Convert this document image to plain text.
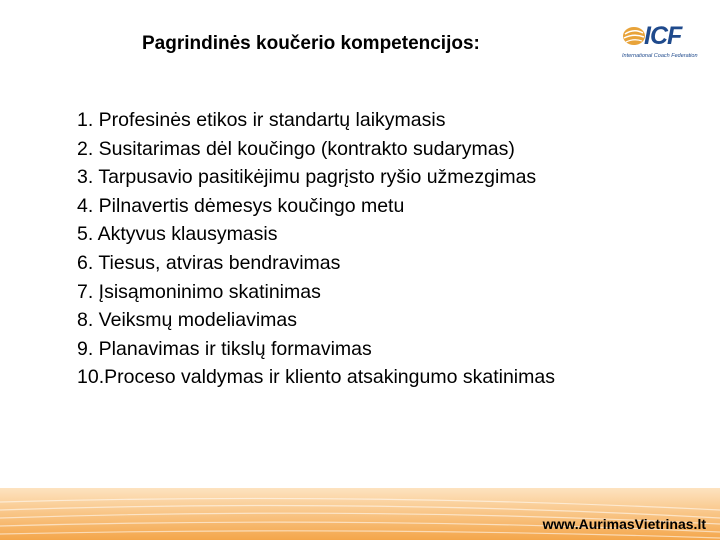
Pagrindinės koučerio kompetencijos:	ICF
International Coach Federation
1. Profesinės etikos ir standartų laikymasis
2. Susitarimas dėl koučingo (kontrakto sudarymas)
3. Tarpusavio pasitikėjimu pagrįsto ryšio užmezgimas
4. Pilnavertis dėmesys koučingo metu
5. Aktyvus klausymasis
6. Tiesus, atviras bendravimas
7. Įsisąmoninimo skatinimas
8. Veiksmų modeliavimas
9. Planavimas ir tikslų formavimas
10.Proceso valdymas ir kliento atsakingumo skatinimas
www.AurimasVietrinas.lt
